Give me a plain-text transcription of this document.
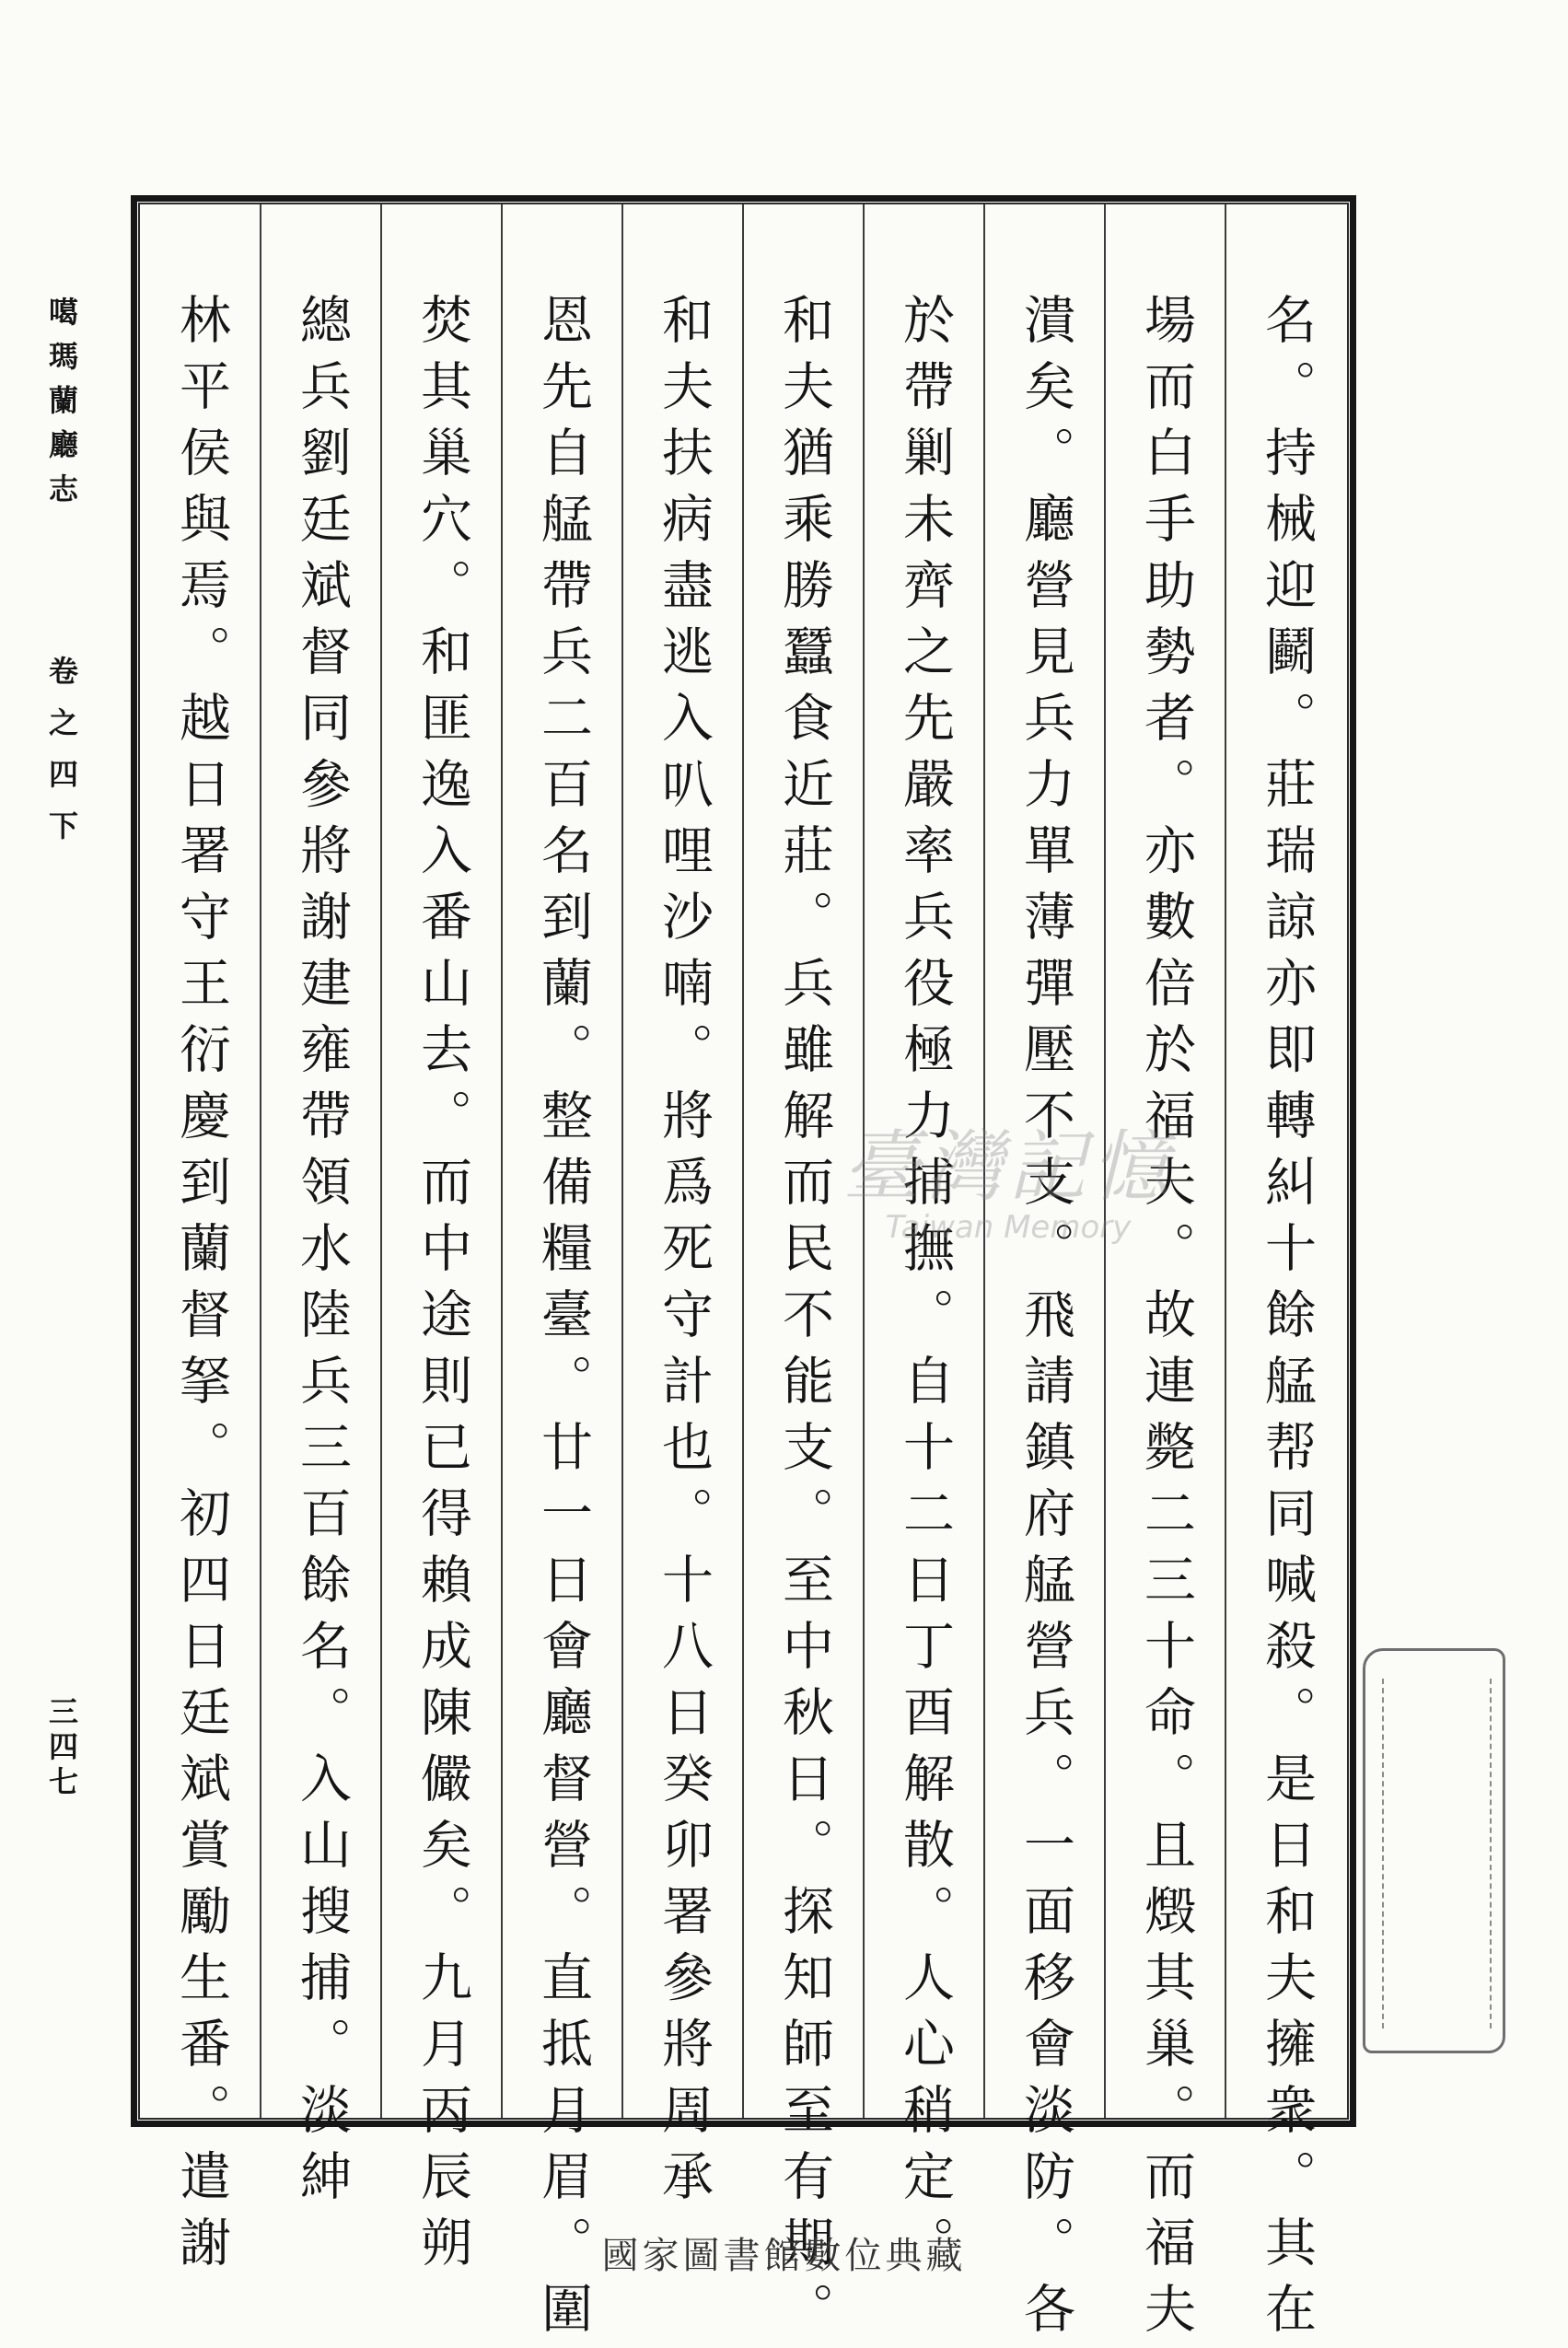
名。持械迎鬬。莊瑞諒亦即轉糾十餘艋帮同喊殺。是日和夫擁衆。其在
場而白手助勢者。亦數倍於福夫。故連斃二三十命。且燬其巢。而福夫
潰矣。廳營見兵力單薄彈壓不支。飛請鎮府艋營兵。一面移會淡防。各
於帶剿未齊之先嚴率兵役極力捕撫。自十二日丁酉解散。人心稍定。
和夫猶乘勝蠶食近莊。兵雖解而民不能支。至中秋日。探知師至有期。
和夫扶病盡逃入叭哩沙喃。將爲死守計也。十八日癸卯署參將周承
恩先自艋帶兵二百名到蘭。整備糧臺。廿一日會廳督營。直抵月眉。圍
焚其巢穴。和匪逸入番山去。而中途則已得賴成陳儼矣。九月丙辰朔
總兵劉廷斌督同參將謝建雍帶領水陸兵三百餘名。入山搜捕。淡紳
林平侯與焉。越日署守王衍慶到蘭督拏。初四日廷斌賞勵生番。遣謝
噶瑪蘭廳志
卷之四下
三四七
臺灣記憶
Taiwan Memory
國家圖書館數位典藏
